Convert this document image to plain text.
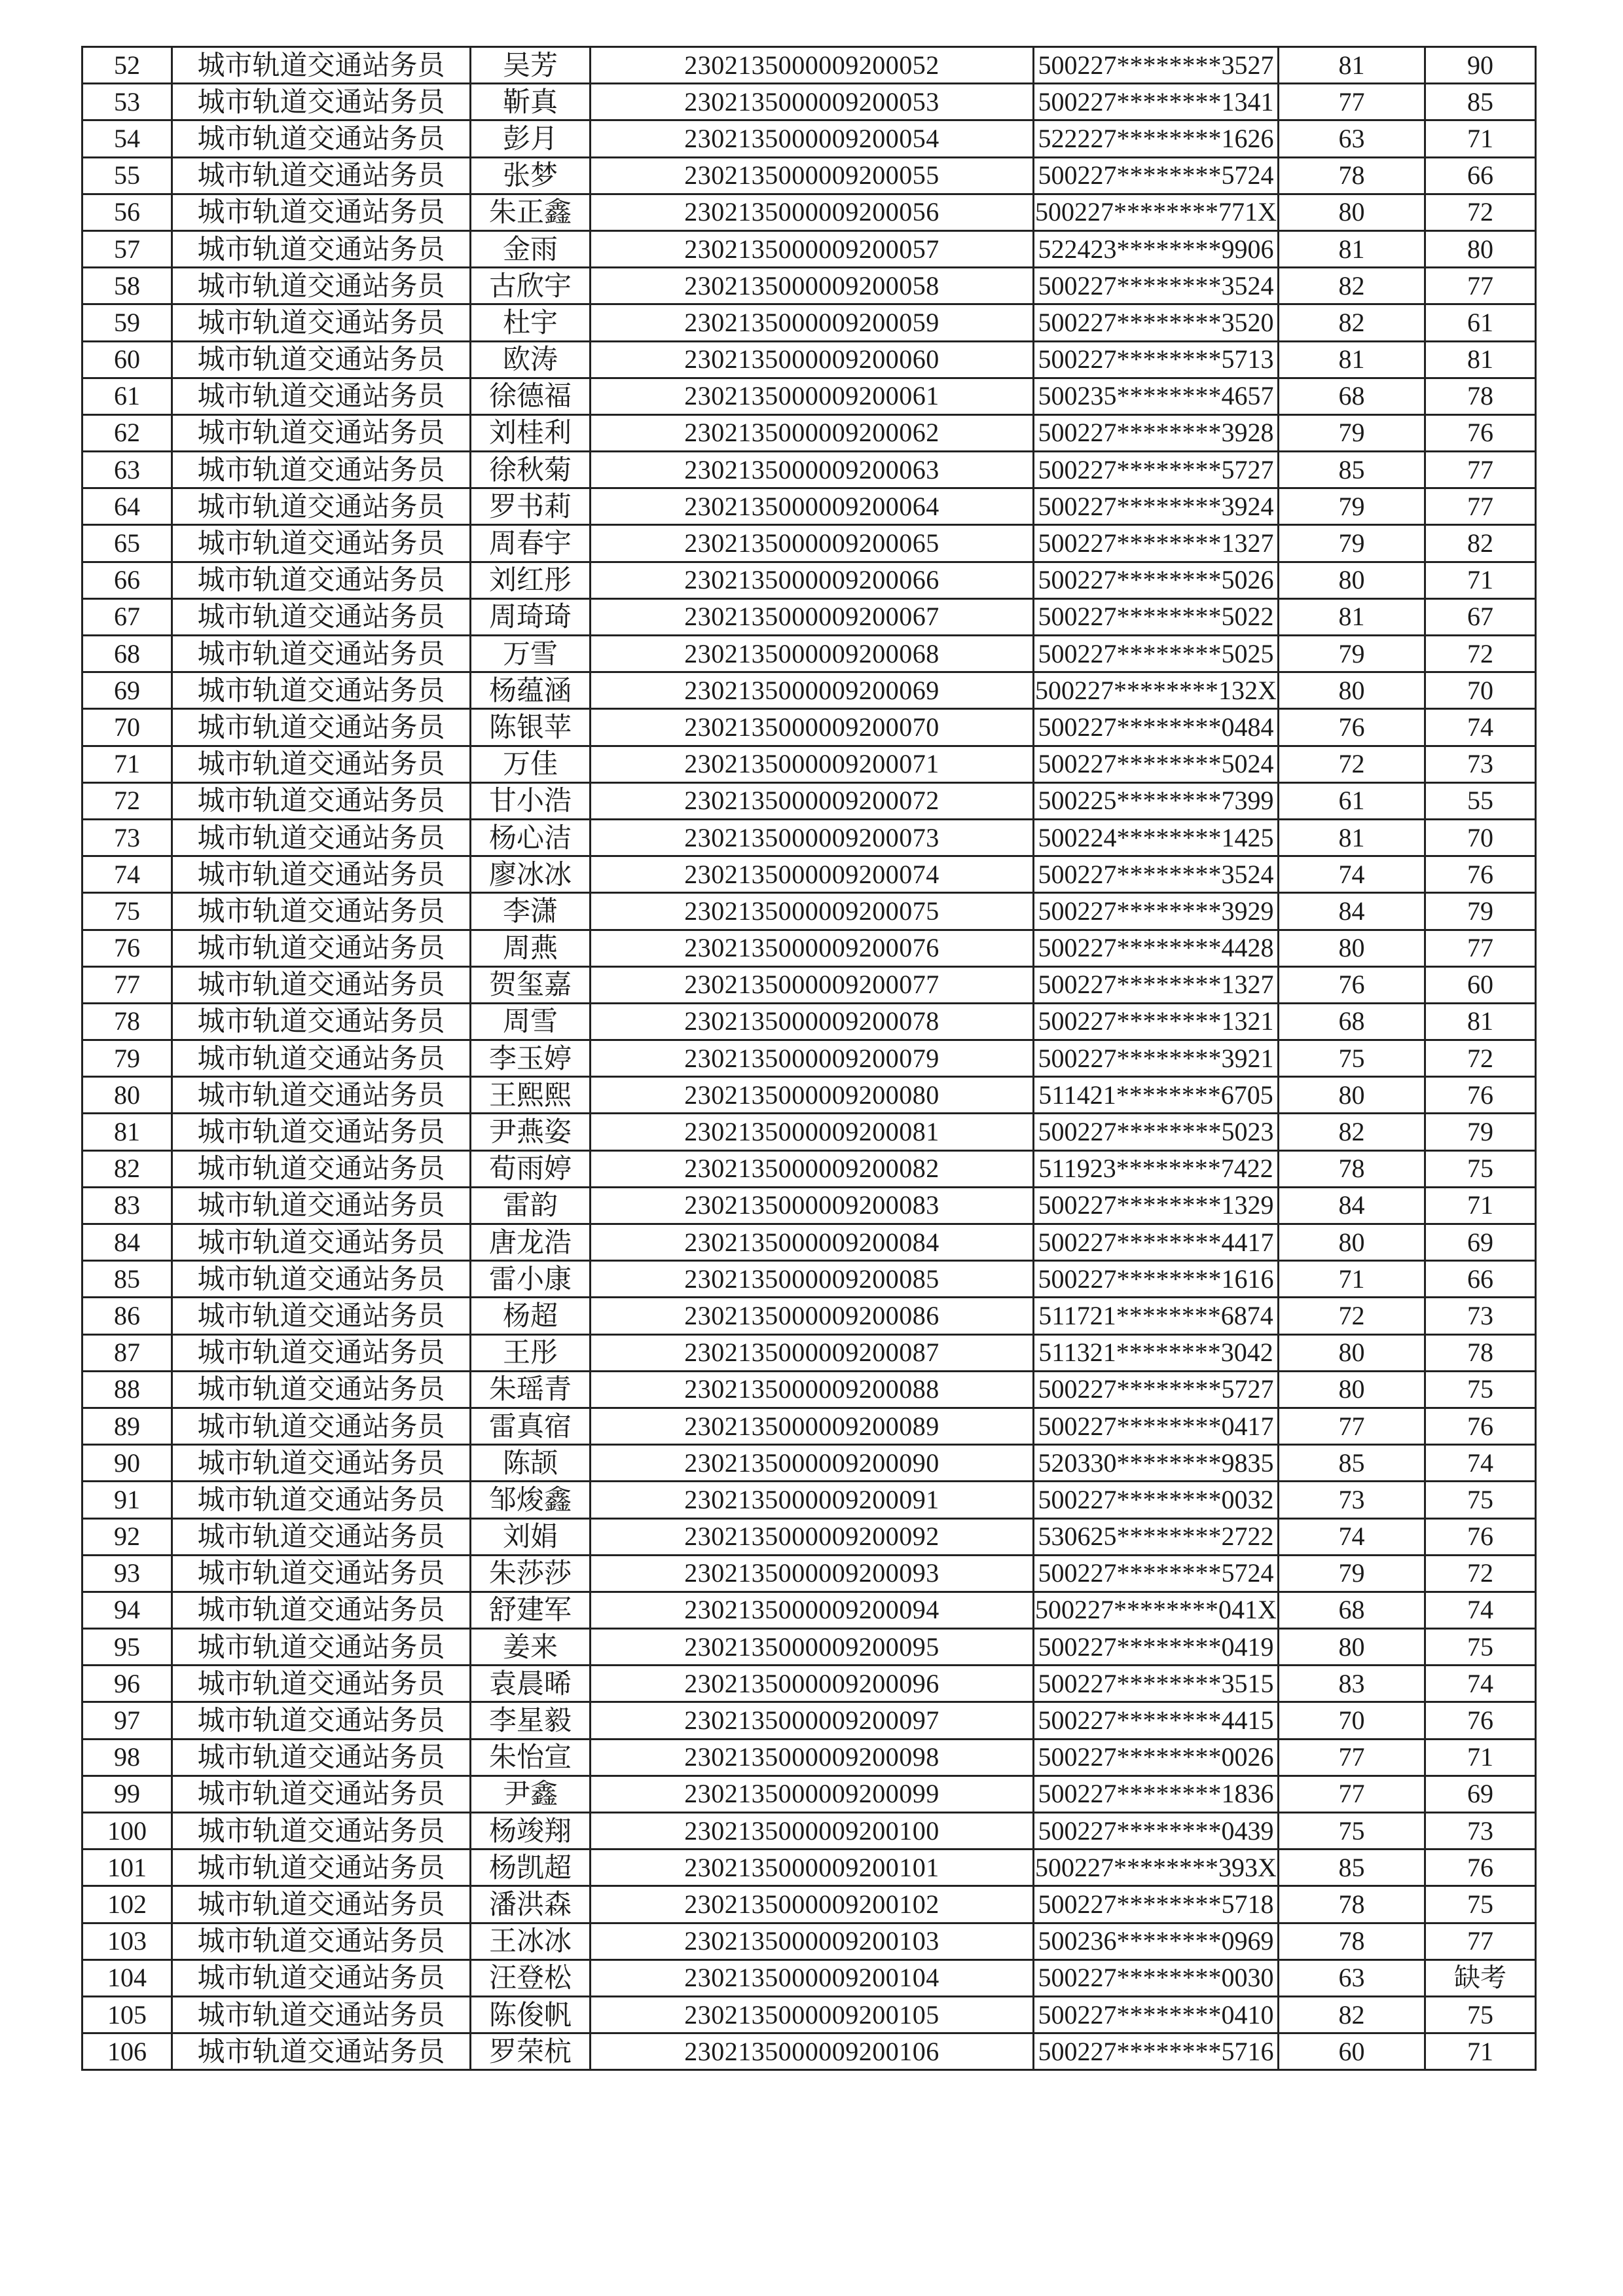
52	城市轨道交通站务员	吴芳	2302135000009200052	500227********3527	81	90
53	城市轨道交通站务员	靳真	2302135000009200053	500227********1341	77	85
54	城市轨道交通站务员	彭月	2302135000009200054	522227********1626	63	71
55	城市轨道交通站务员	张梦	2302135000009200055	500227********5724	78	66
56	城市轨道交通站务员	朱正鑫	2302135000009200056	500227********771X	80	72
57	城市轨道交通站务员	金雨	2302135000009200057	522423********9906	81	80
58	城市轨道交通站务员	古欣宇	2302135000009200058	500227********3524	82	77
59	城市轨道交通站务员	杜宇	2302135000009200059	500227********3520	82	61
60	城市轨道交通站务员	欧涛	2302135000009200060	500227********5713	81	81
61	城市轨道交通站务员	徐德福	2302135000009200061	500235********4657	68	78
62	城市轨道交通站务员	刘桂利	2302135000009200062	500227********3928	79	76
63	城市轨道交通站务员	徐秋菊	2302135000009200063	500227********5727	85	77
64	城市轨道交通站务员	罗书莉	2302135000009200064	500227********3924	79	77
65	城市轨道交通站务员	周春宇	2302135000009200065	500227********1327	79	82
66	城市轨道交通站务员	刘红彤	2302135000009200066	500227********5026	80	71
67	城市轨道交通站务员	周琦琦	2302135000009200067	500227********5022	81	67
68	城市轨道交通站务员	万雪	2302135000009200068	500227********5025	79	72
69	城市轨道交通站务员	杨蕴涵	2302135000009200069	500227********132X	80	70
70	城市轨道交通站务员	陈银苹	2302135000009200070	500227********0484	76	74
71	城市轨道交通站务员	万佳	2302135000009200071	500227********5024	72	73
72	城市轨道交通站务员	甘小浩	2302135000009200072	500225********7399	61	55
73	城市轨道交通站务员	杨心洁	2302135000009200073	500224********1425	81	70
74	城市轨道交通站务员	廖冰冰	2302135000009200074	500227********3524	74	76
75	城市轨道交通站务员	李潇	2302135000009200075	500227********3929	84	79
76	城市轨道交通站务员	周燕	2302135000009200076	500227********4428	80	77
77	城市轨道交通站务员	贺玺嘉	2302135000009200077	500227********1327	76	60
78	城市轨道交通站务员	周雪	2302135000009200078	500227********1321	68	81
79	城市轨道交通站务员	李玉婷	2302135000009200079	500227********3921	75	72
80	城市轨道交通站务员	王熙熙	2302135000009200080	511421********6705	80	76
81	城市轨道交通站务员	尹燕姿	2302135000009200081	500227********5023	82	79
82	城市轨道交通站务员	荀雨婷	2302135000009200082	511923********7422	78	75
83	城市轨道交通站务员	雷韵	2302135000009200083	500227********1329	84	71
84	城市轨道交通站务员	唐龙浩	2302135000009200084	500227********4417	80	69
85	城市轨道交通站务员	雷小康	2302135000009200085	500227********1616	71	66
86	城市轨道交通站务员	杨超	2302135000009200086	511721********6874	72	73
87	城市轨道交通站务员	王彤	2302135000009200087	511321********3042	80	78
88	城市轨道交通站务员	朱瑶青	2302135000009200088	500227********5727	80	75
89	城市轨道交通站务员	雷真宿	2302135000009200089	500227********0417	77	76
90	城市轨道交通站务员	陈颉	2302135000009200090	520330********9835	85	74
91	城市轨道交通站务员	邹焌鑫	2302135000009200091	500227********0032	73	75
92	城市轨道交通站务员	刘娟	2302135000009200092	530625********2722	74	76
93	城市轨道交通站务员	朱莎莎	2302135000009200093	500227********5724	79	72
94	城市轨道交通站务员	舒建军	2302135000009200094	500227********041X	68	74
95	城市轨道交通站务员	姜来	2302135000009200095	500227********0419	80	75
96	城市轨道交通站务员	袁晨晞	2302135000009200096	500227********3515	83	74
97	城市轨道交通站务员	李星毅	2302135000009200097	500227********4415	70	76
98	城市轨道交通站务员	朱怡宣	2302135000009200098	500227********0026	77	71
99	城市轨道交通站务员	尹鑫	2302135000009200099	500227********1836	77	69
100	城市轨道交通站务员	杨竣翔	2302135000009200100	500227********0439	75	73
101	城市轨道交通站务员	杨凯超	2302135000009200101	500227********393X	85	76
102	城市轨道交通站务员	潘洪森	2302135000009200102	500227********5718	78	75
103	城市轨道交通站务员	王冰冰	2302135000009200103	500236********0969	78	77
104	城市轨道交通站务员	汪登松	2302135000009200104	500227********0030	63	缺考
105	城市轨道交通站务员	陈俊帆	2302135000009200105	500227********0410	82	75
106	城市轨道交通站务员	罗荣杭	2302135000009200106	500227********5716	60	71
